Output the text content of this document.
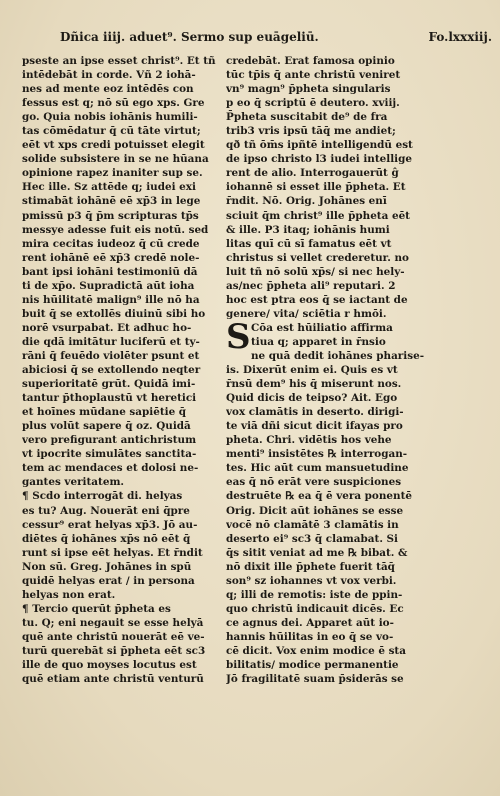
Dñica iiij. aduet⁹. Sermo sup euāgeliū.	Fo.lxxxiij.
pseste an ipse esset christ⁹. Et tñ
intēdebāt in corde. Vñ 2 iohā-
nes ad mente eoz intēdēs con
fessus est q; nō sū ego xps. Gre
go. Quia nobis iohānis humili-
tas cōmēdatur q̄ cū tāte virtut;
eēt vt xps credi potuisset elegit
solide subsistere in se ne hūana
opinione rapez inaniter sup se.
Hec ille. Sz attēde q; iudei exi
stimabāt iohānē eē xp̄3 in lege
pmissū p3 q̄ p̄m scripturas tp̄s
messye adesse fuit eis notū. sed
mira cecitas iudeoz q̄ cū crede
rent iohānē eē xp̄3 credē nole-
bant ipsi iohāni testimoniū dā
ti de xp̄o. Supradictā aūt ioha
nis hūilitatē malign⁹ ille nō ha
buit q̄ se extollēs diuinū sibi ho
norē vsurpabat. Et adhuc ho-
die qdā imitātur luciferū et ty-
rāni q̄ feuēdo violēter psunt et
abiciosi q̄ se extollendo neqter
superioritatē grūt. Quidā imi-
tantur p̄thoplaustū vt heretici
et hoīnes mūdane sapiētie q̄
plus volūt sapere q̄ oz. Quidā
vero prefigurant antichristum
vt ipocrite simulātes sanctita-
tem ac mendaces et dolosi ne-
gantes veritatem.
¶ Scdo interrogāt di. helyas
es tu? Aug. Nouerāt eni q̄pre
cessur⁹ erat helyas xp̄3. Jō au-
diētes q̄ iohānes xp̄s nō eēt q̄
runt si ipse eēt helyas. Et r̄ndit
Non sū. Greg. Johānes in spū
quidē helyas erat / in persona
helyas non erat.
¶ Tercio querūt p̄pheta es
tu. Q; eni negauit se esse helyā
quē ante christū nouerāt eē ve-
turū querebāt si p̄pheta eēt sc3
ille de quo moyses locutus est
quē etiam ante christū venturū
credebāt. Erat famosa opinio
tūc tp̄is q̄ ante christū veniret
vn⁹ magn⁹ p̄pheta singularis
p eo q̄ scriptū ē deutero. xviij.
P̄pheta suscitabit de⁹ de fra
trib3 vris ipsū tāq̄ me andiet;
qð tñ ōm̄s ipñtē intelligendū est
de ipso christo l3 iudei intellige
rent de alio. Interrogauerūt ĝ
iohannē si esset ille p̄pheta. Et
r̄ndit. Nō. Orig. Johānes enī
sciuit q̄m christ⁹ ille p̄pheta eēt
& ille. P3 itaq; iohānis humi
litas quī cū sī famatus eēt vt
christus si vellet crederetur. no
luit tñ nō solū xp̄s/ si nec hely-
as/nec p̄pheta ali⁹ reputari. 2
hoc est ptra eos q̄ se iactant de
genere/ vita/ sciētia r hmōi.
S Cōa est hūiliatio affirma
tiua q; apparet in r̄nsio
ne quā dedit iohānes pharise-
is. Dixerūt enim ei. Quis es vt
r̄nsū dem⁹ his q̄ miserunt nos.
Quid dicis de teipso? Ait. Ego
vox clamātis in deserto. dirigi-
te viā dñi sicut dicit ifayas pro
pheta. Chri. vidētis hos vehe
menti⁹ insistētes ℞ interrogan-
tes. Hic aūt cum mansuetudine
eas q̄ nō erāt vere suspiciones
destruēte ℞ ea q̄ ē vera ponentē
Orig. Dicit aūt iohānes se esse
vocē nō clamātē 3 clamātis in
deserto ei⁹ sc3 q̄ clamabat. Si
q̄s sitit veniat ad me ℞ bibat. &
nō dixit ille p̄phete fuerit tāq̄
son⁹ sz iohannes vt vox verbi.
q; illi de remotis: iste de ppin-
quo christū indicauit dicēs. Ec
ce agnus dei. Apparet aūt io-
hannis hūilitas in eo q̄ se vo-
cē dicit. Vox enim modice ē sta
bilitatis/ modice permanentie
Jō fragilitatē suam p̄siderās se
